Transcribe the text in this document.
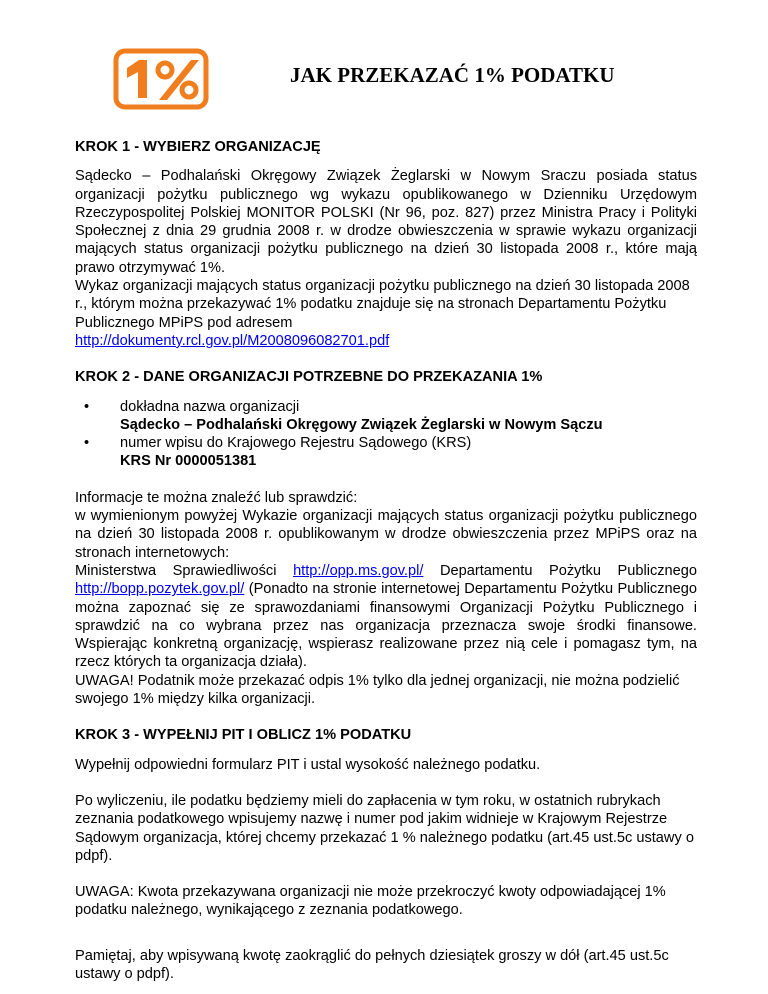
JAK PRZEKAZAĆ 1% PODATKU
KROK 1 - WYBIERZ ORGANIZACJĘ

Sądecko – Podhalański Okręgowy Związek Żeglarski w Nowym Sraczu posiada status organizacji pożytku publicznego wg wykazu opublikowanego w Dzienniku Urzędowym Rzeczypospolitej Polskiej MONITOR POLSKI (Nr 96, poz. 827) przez Ministra Pracy i Polityki Społecznej z dnia 29 grudnia 2008 r. w drodze obwieszczenia w sprawie wykazu organizacji mających status organizacji pożytku publicznego na dzień 30 listopada 2008 r., które mają prawo otrzymywać 1%.

Wykaz organizacji mających status organizacji pożytku publicznego na dzień 30 listopada 2008 r., którym można przekazywać 1% podatku znajduje się na stronach Departamentu Pożytku Publicznego MPiPS pod adresem

http://dokumenty.rcl.gov.pl/M2008096082701.pdf

KROK 2 - DANE ORGANIZACJI POTRZEBNE DO PRZEKAZANIA 1%
• dokładna nazwa organizacji
Sądecko – Podhalański Okręgowy Związek Żeglarski w Nowym Sączu
• numer wpisu do Krajowego Rejestru Sądowego (KRS)
KRS Nr 0000051381

Informacje te można znaleźć lub sprawdzić:

w wymienionym powyżej Wykazie organizacji mających status organizacji pożytku publicznego na dzień 30 listopada 2008 r. opublikowanym w drodze obwieszczenia przez MPiPS oraz na stronach internetowych:

Ministerstwa Sprawiedliwości http://opp.ms.gov.pl/ Departamentu Pożytku Publicznego http://bopp.pozytek.gov.pl/ (Ponadto na stronie internetowej Departamentu Pożytku Publicznego można zapoznać się ze sprawozdaniami finansowymi Organizacji Pożytku Publicznego i sprawdzić na co wybrana przez nas organizacja przeznacza swoje środki finansowe. Wspierając konkretną organizację, wspierasz realizowane przez nią cele i pomagasz tym, na rzecz których ta organizacja działa).

UWAGA! Podatnik może przekazać odpis 1% tylko dla jednej organizacji, nie można podzielić swojego 1% między kilka organizacji.

KROK 3 - WYPEŁNIJ PIT I OBLICZ 1% PODATKU

Wypełnij odpowiedni formularz PIT i ustal wysokość należnego podatku.

Po wyliczeniu, ile podatku będziemy mieli do zapłacenia w tym roku, w ostatnich rubrykach zeznania podatkowego wpisujemy nazwę i numer pod jakim widnieje w Krajowym Rejestrze Sądowym organizacja, której chcemy przekazać 1 % należnego podatku (art.45 ust.5c ustawy o pdpf).

UWAGA: Kwota przekazywana organizacji nie może przekroczyć kwoty odpowiadającej 1% podatku należnego, wynikającego z zeznania podatkowego.

Pamiętaj, aby wpisywaną kwotę zaokrąglić do pełnych dziesiątek groszy w dół (art.45 ust.5c ustawy o pdpf).
